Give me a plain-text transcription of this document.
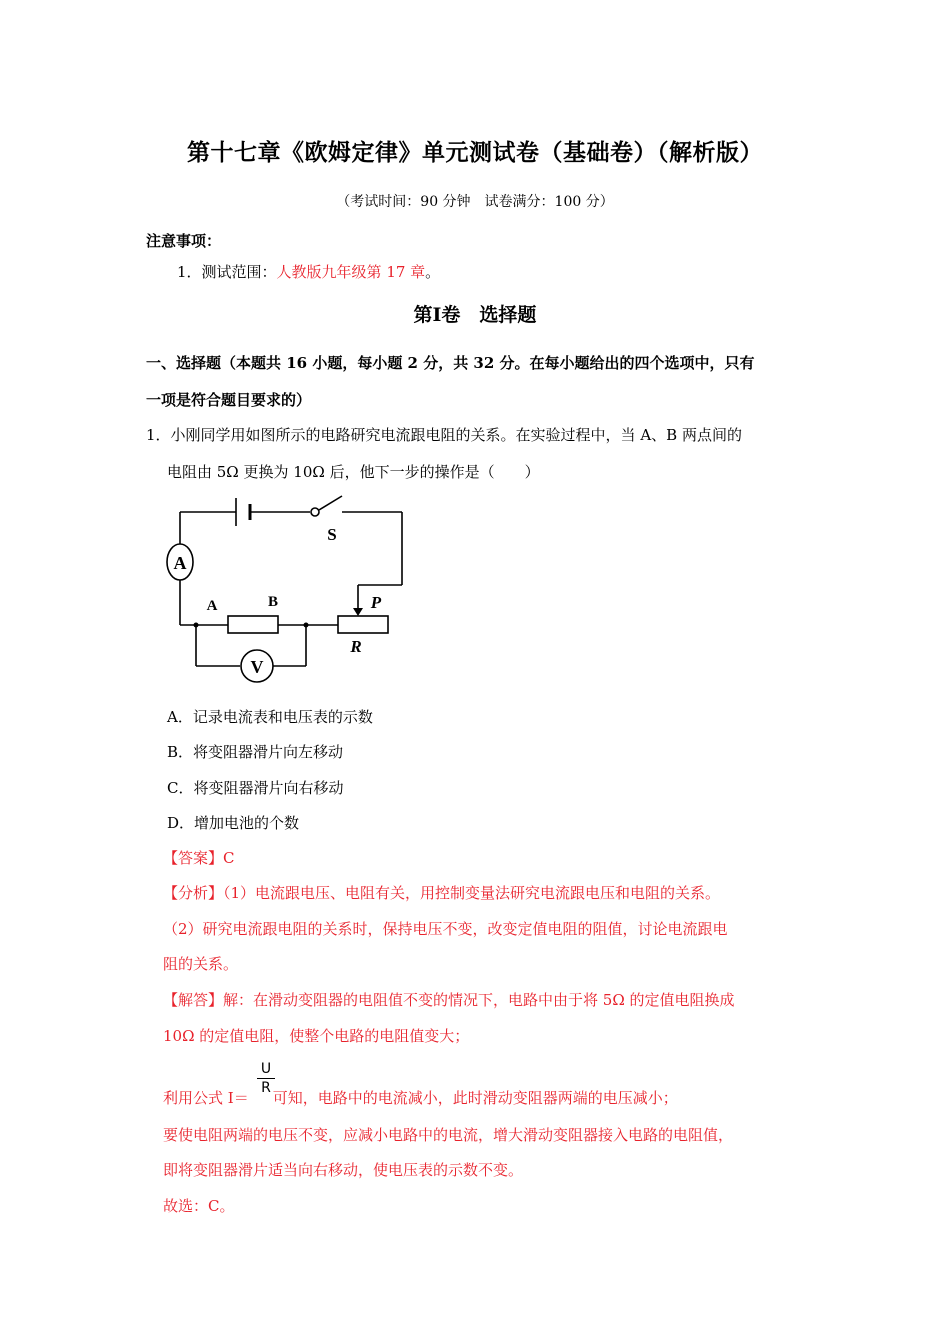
第十七章《欧姆定律》单元测试卷（基础卷）（解析版）
（考试时间：90 分钟　试卷满分：100 分）
注意事项：
1．测试范围：人教版九年级第 17 章。
第Ⅰ卷　选择题
一、选择题（本题共 16 小题，每小题 2 分，共 32 分。在每小题给出的四个选项中，只有
一项是符合题目要求的）
1．小刚同学用如图所示的电路研究电流跟电阻的关系。在实验过程中，当 A、B 两点间的
电阻由 5Ω 更换为 10Ω 后，他下一步的操作是（　　）
A
V
S
A	B	P
R
A．记录电流表和电压表的示数
B．将变阻器滑片向左移动
C．将变阻器滑片向右移动
D．增加电池的个数
【答案】C
【分析】（1）电流跟电压、电阻有关，用控制变量法研究电流跟电压和电阻的关系。
（2）研究电流跟电阻的关系时，保持电压不变，改变定值电阻的阻值，讨论电流跟电
阻的关系。
【解答】解：在滑动变阻器的电阻值不变的情况下，电路中由于将 5Ω 的定值电阻换成
10Ω 的定值电阻，使整个电路的电阻值变大；
利用公式 I＝ 可知，电路中的电流减小，此时滑动变阻器两端的电压减小；
U
R
要使电阻两端的电压不变，应减小电路中的电流，增大滑动变阻器接入电路的电阻值，
即将变阻器滑片适当向右移动，使电压表的示数不变。
故选：C。
